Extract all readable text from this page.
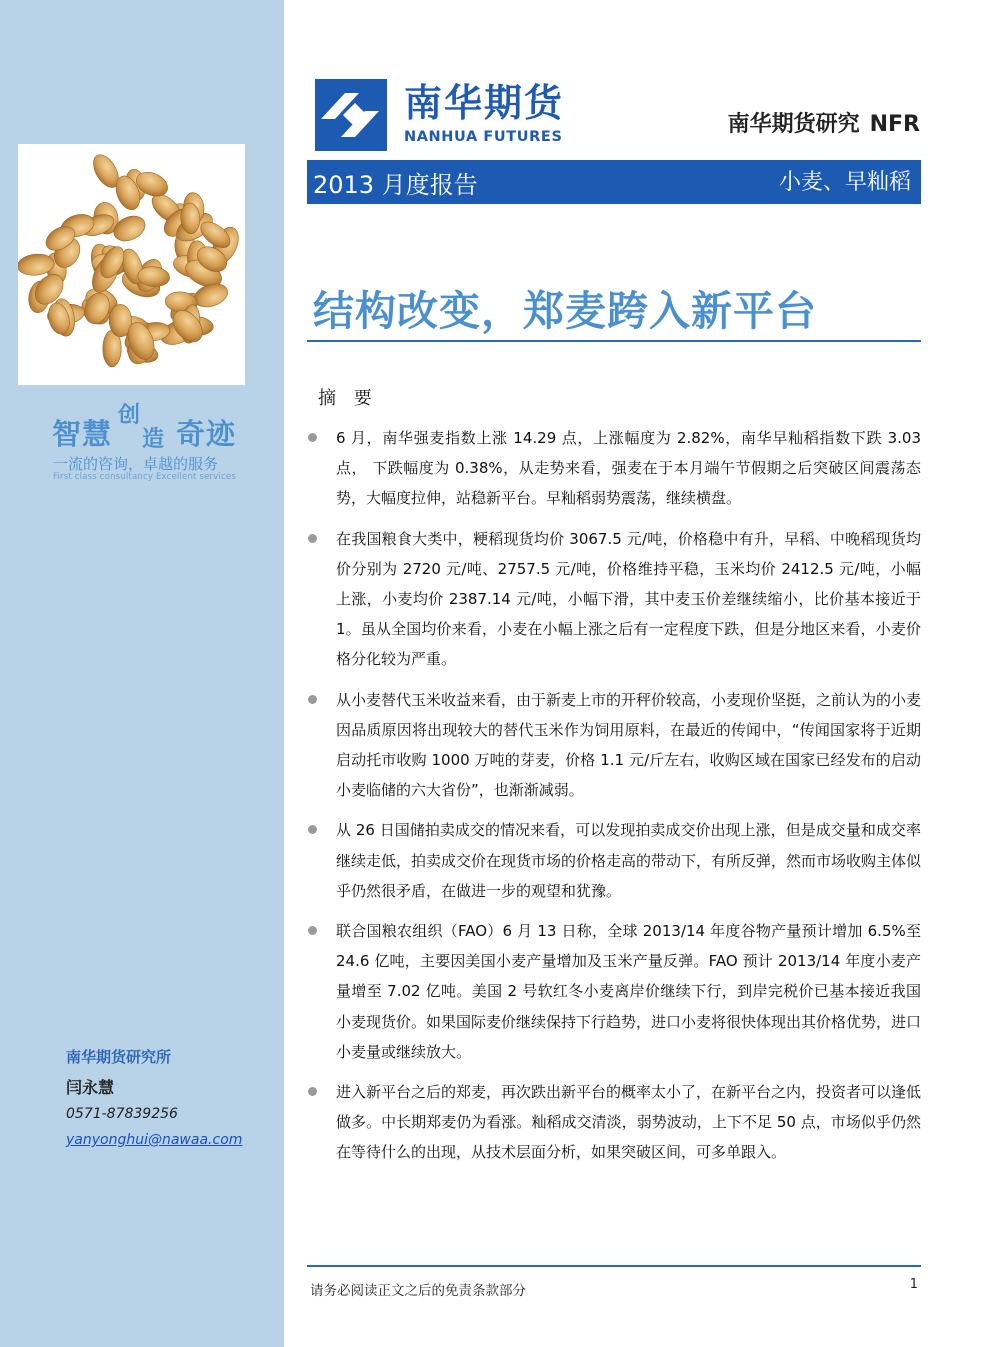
智慧
创
造 奇迹
一流的咨询，卓越的服务
First class consultancy Excellent services
南华期货研究所
闫永慧
0571-87839256
yanyonghui@nawaa.com
南华期货
NANHUA FUTURES	南华期货研究 NFR
2013 月度报告	小麦、早籼稻
结构改变，郑麦跨入新平台
摘 要
6 月，南华强麦指数上涨 14.29 点，上涨幅度为 2.82%，南华早籼稻指数下跌 3.03 点， 下跌幅度为 0.38%，从走势来看，强麦在于本月端午节假期之后突破区间震荡态势，大幅度拉伸，站稳新平台。早籼稻弱势震荡，继续横盘。
在我国粮食大类中，粳稻现货均价 3067.5 元/吨，价格稳中有升，早稻、中晚稻现货均价分别为 2720 元/吨、2757.5 元/吨，价格维持平稳，玉米均价 2412.5 元/吨，小幅上涨，小麦均价 2387.14 元/吨，小幅下滑，其中麦玉价差继续缩小，比价基本接近于 1。虽从全国均价来看，小麦在小幅上涨之后有一定程度下跌，但是分地区来看，小麦价格分化较为严重。
从小麦替代玉米收益来看，由于新麦上市的开秤价较高，小麦现价坚挺，之前认为的小麦因品质原因将出现较大的替代玉米作为饲用原料，在最近的传闻中，“传闻国家将于近期启动托市收购 1000 万吨的芽麦，价格 1.1 元/斤左右，收购区域在国家已经发布的启动小麦临储的六大省份”，也渐渐减弱。
从 26 日国储拍卖成交的情况来看，可以发现拍卖成交价出现上涨，但是成交量和成交率继续走低，拍卖成交价在现货市场的价格走高的带动下，有所反弹，然而市场收购主体似乎仍然很矛盾，在做进一步的观望和犹豫。
联合国粮农组织（FAO）6 月 13 日称，全球 2013/14 年度谷物产量预计增加 6.5%至 24.6 亿吨，主要因美国小麦产量增加及玉米产量反弹。FAO 预计 2013/14 年度小麦产量增至 7.02 亿吨。美国 2 号软红冬小麦离岸价继续下行，到岸完税价已基本接近我国小麦现货价。如果国际麦价继续保持下行趋势，进口小麦将很快体现出其价格优势，进口小麦量或继续放大。
进入新平台之后的郑麦，再次跌出新平台的概率太小了，在新平台之内，投资者可以逢低做多。中长期郑麦仍为看涨。籼稻成交清淡，弱势波动，上下不足 50 点，市场似乎仍然在等待什么的出现，从技术层面分析，如果突破区间，可多单跟入。
请务必阅读正文之后的免责条款部分	1
